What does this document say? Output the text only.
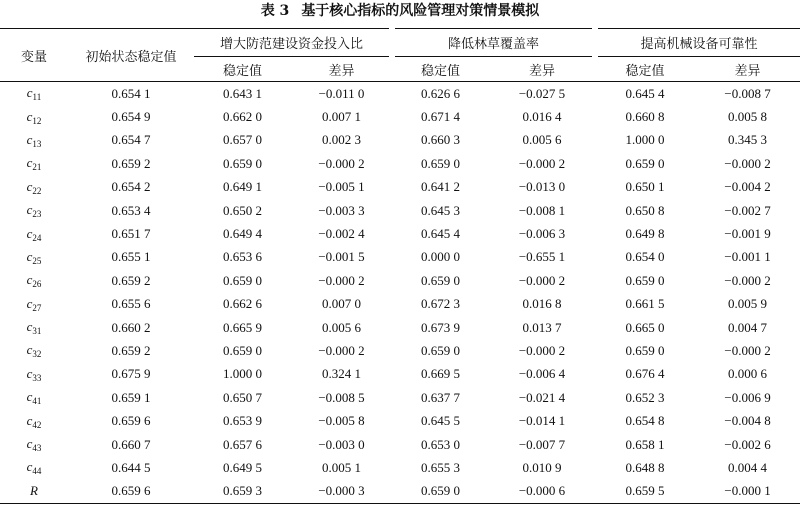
表 3 基于核心指标的风险管理对策情景模拟
变量	初始状态稳定值	增大防范建设资金投入比		降低林草覆盖率		提高机械设备可靠性	
		稳定值	差异	稳定值	差异	稳定值	差异
$c_{11}$	0.654 1	0.643 1	−0.011 0	0.626 6	−0.027 5	0.645 4	−0.008 7
$c_{12}$	0.654 9	0.662 0	0.007 1	0.671 4	0.016 4	0.660 8	0.005 8
$c_{13}$	0.654 7	0.657 0	0.002 3	0.660 3	0.005 6	1.000 0	0.345 3
$c_{21}$	0.659 2	0.659 0	−0.000 2	0.659 0	−0.000 2	0.659 0	−0.000 2
$c_{22}$	0.654 2	0.649 1	−0.005 1	0.641 2	−0.013 0	0.650 1	−0.004 2
$c_{23}$	0.653 4	0.650 2	−0.003 3	0.645 3	−0.008 1	0.650 8	−0.002 7
$c_{24}$	0.651 7	0.649 4	−0.002 4	0.645 4	−0.006 3	0.649 8	−0.001 9
$c_{25}$	0.655 1	0.653 6	−0.001 5	0.000 0	−0.655 1	0.654 0	−0.001 1
$c_{26}$	0.659 2	0.659 0	−0.000 2	0.659 0	−0.000 2	0.659 0	−0.000 2
$c_{27}$	0.655 6	0.662 6	0.007 0	0.672 3	0.016 8	0.661 5	0.005 9
$c_{31}$	0.660 2	0.665 9	0.005 6	0.673 9	0.013 7	0.665 0	0.004 7
$c_{32}$	0.659 2	0.659 0	−0.000 2	0.659 0	−0.000 2	0.659 0	−0.000 2
$c_{33}$	0.675 9	1.000 0	0.324 1	0.669 5	−0.006 4	0.676 4	0.000 6
$c_{41}$	0.659 1	0.650 7	−0.008 5	0.637 7	−0.021 4	0.652 3	−0.006 9
$c_{42}$	0.659 6	0.653 9	−0.005 8	0.645 5	−0.014 1	0.654 8	−0.004 8
$c_{43}$	0.660 7	0.657 6	−0.003 0	0.653 0	−0.007 7	0.658 1	−0.002 6
$c_{44}$	0.644 5	0.649 5	0.005 1	0.655 3	0.010 9	0.648 8	0.004 4
R	0.659 6	0.659 3	−0.000 3	0.659 0	−0.000 6	0.659 5	−0.000 1
